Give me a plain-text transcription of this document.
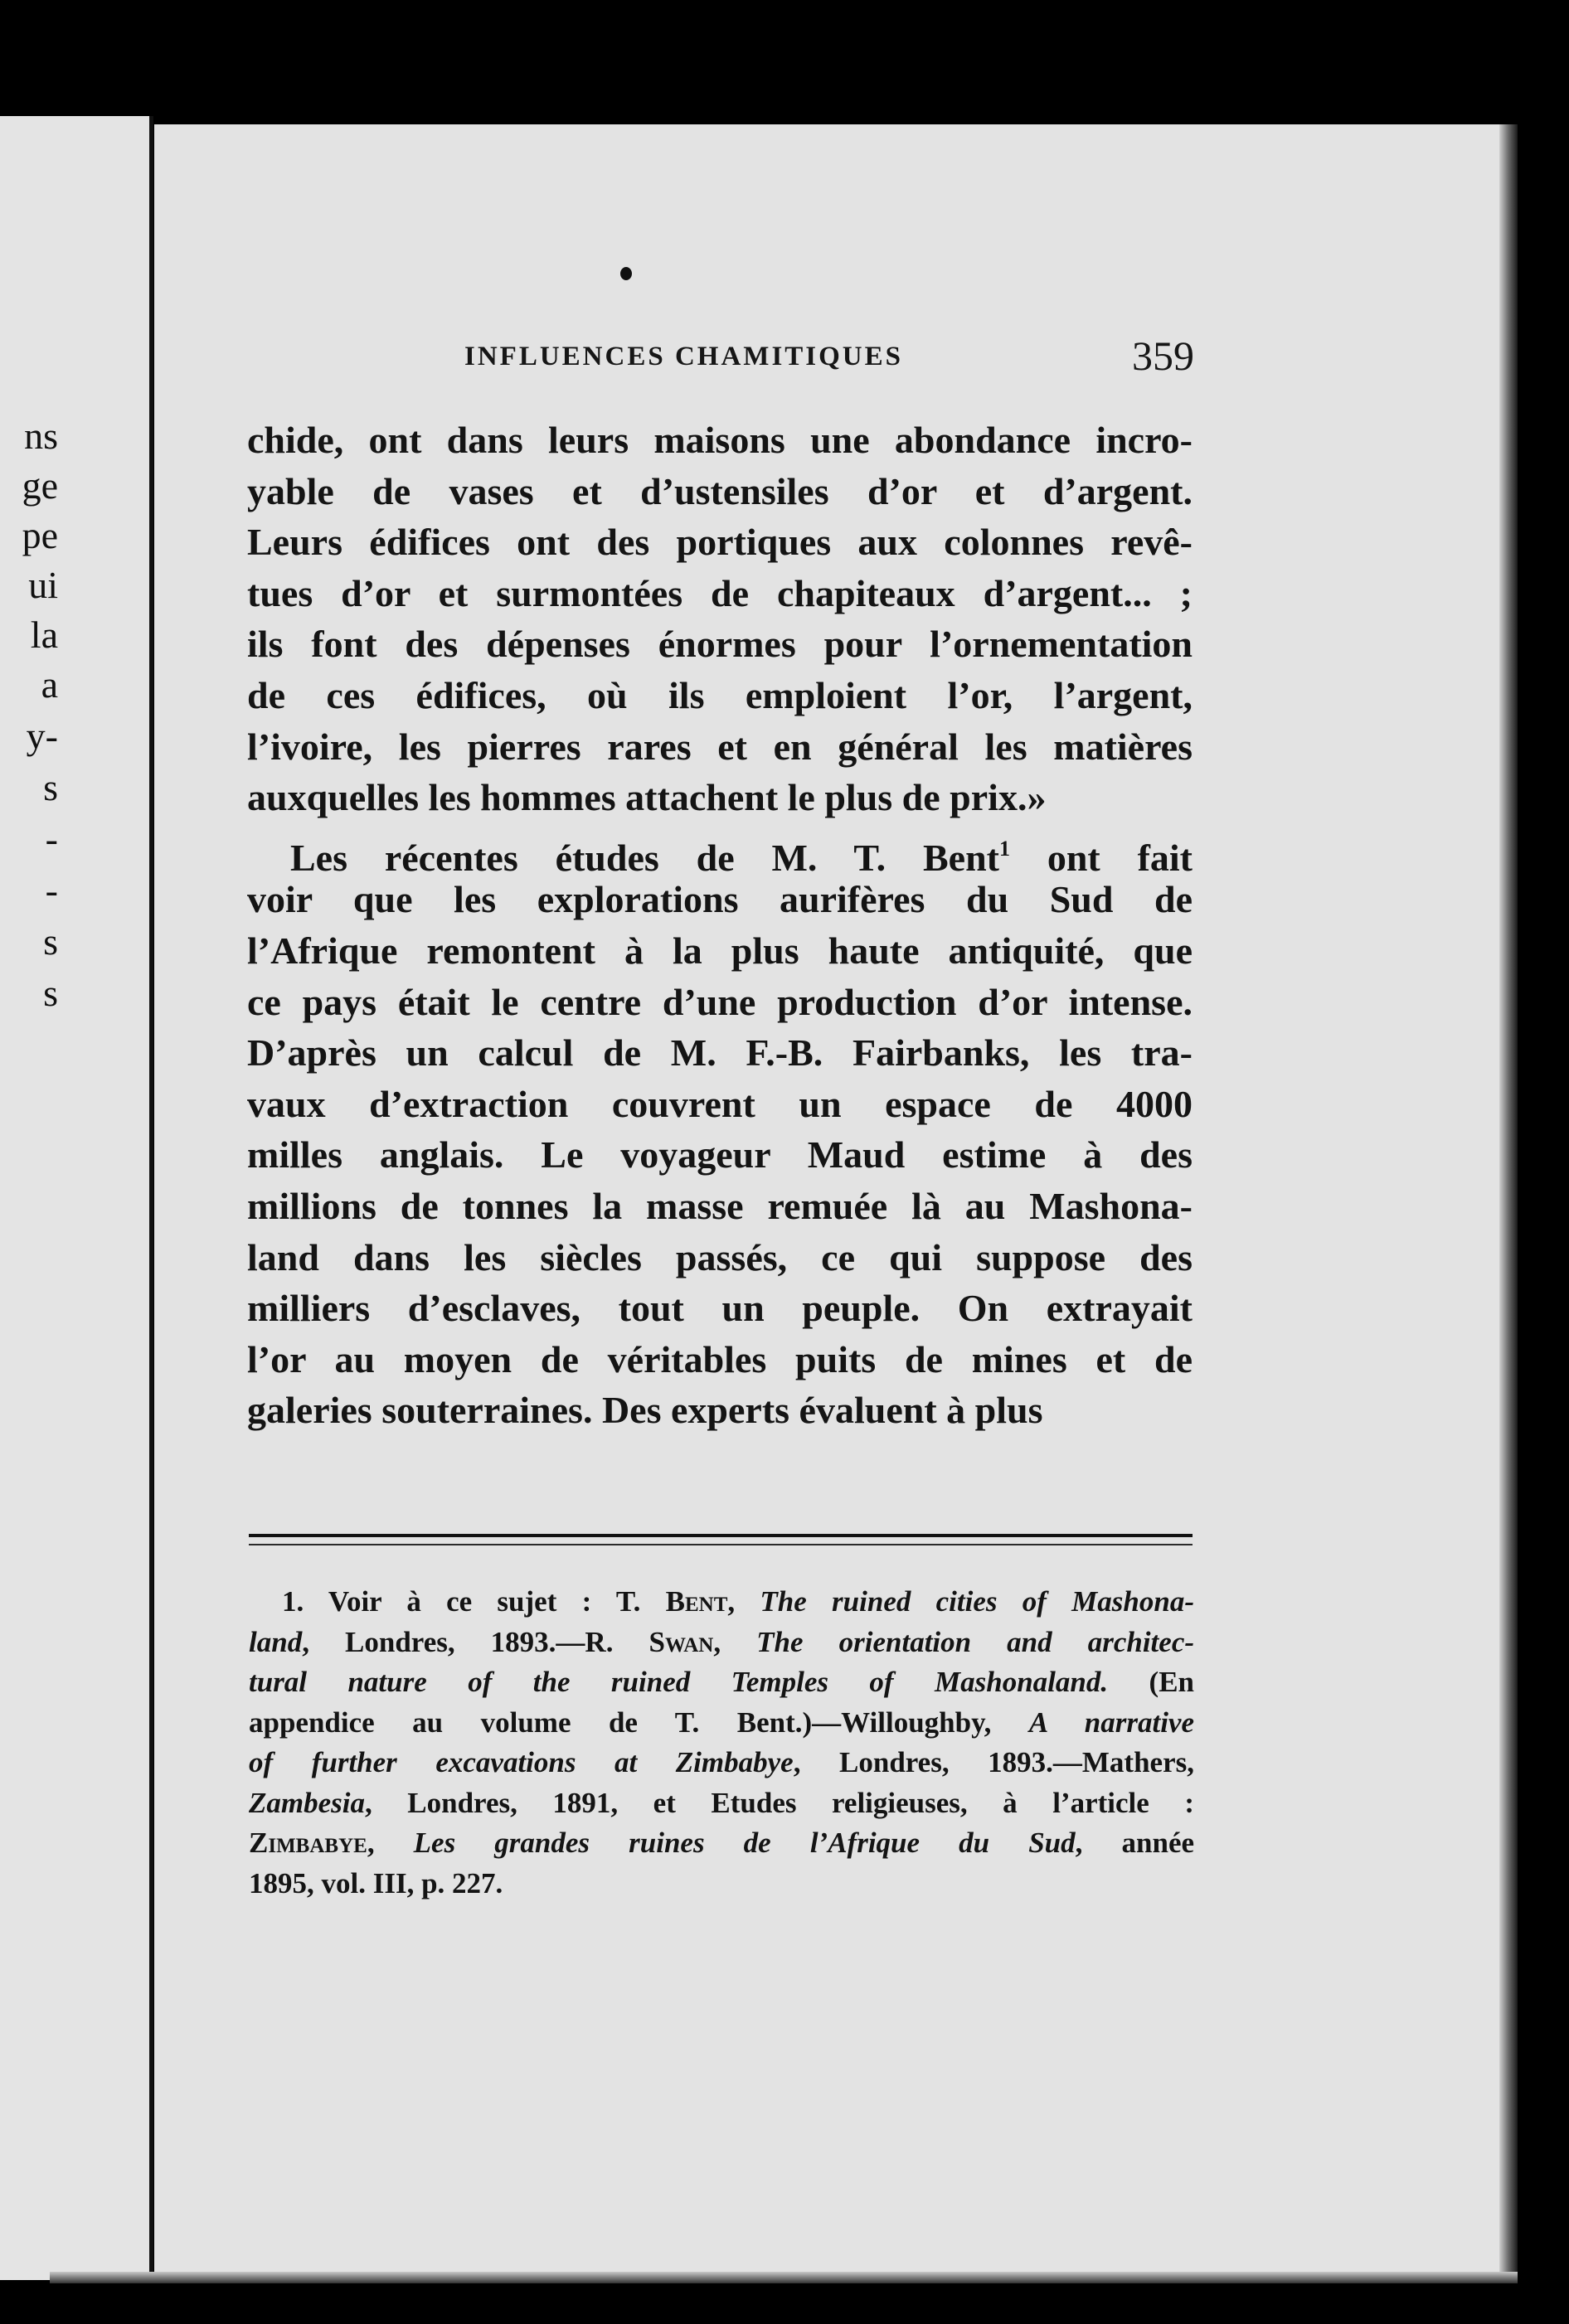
ns
ge
pe
ui
la
a
y-
s
-
-
s
s
INFLUENCES CHAMITIQUES	359
chide, ont dans leurs maisons une abondance incro-
yable de vases et d’ustensiles d’or et d’argent.
Leurs édifices ont des portiques aux colonnes revê-
tues d’or et surmontées de chapiteaux d’argent... ;
ils font des dépenses énormes pour l’ornementation
de ces édifices, où ils emploient l’or, l’argent,
l’ivoire, les pierres rares et en général les matières
auxquelles les hommes attachent le plus de prix.»
Les récentes études de M. T. Bent$^1$ ont fait
voir que les explorations aurifères du Sud de
l’Afrique remontent à la plus haute antiquité, que
ce pays était le centre d’une production d’or intense.
D’après un calcul de M. F.-B. Fairbanks, les tra-
vaux d’extraction couvrent un espace de 4000
milles anglais. Le voyageur Maud estime à des
millions de tonnes la masse remuée là au Mashona-
land dans les siècles passés, ce qui suppose des
milliers d’esclaves, tout un peuple. On extrayait
l’or au moyen de véritables puits de mines et de
galeries souterraines. Des experts évaluent à plus
1. Voir à ce sujet : T. Bent, The ruined cities of Mashona-
land, Londres, 1893.—R. Swan, The orientation and architec-
tural nature of the ruined Temples of Mashonaland. (En
appendice au volume de T. Bent.)—Willoughby, A narrative
of further excavations at Zimbabye, Londres, 1893.—Mathers,
Zambesia, Londres, 1891, et Etudes religieuses, à l’article :
Zimbabye, Les grandes ruines de l’Afrique du Sud, année
1895, vol. III, p. 227.
